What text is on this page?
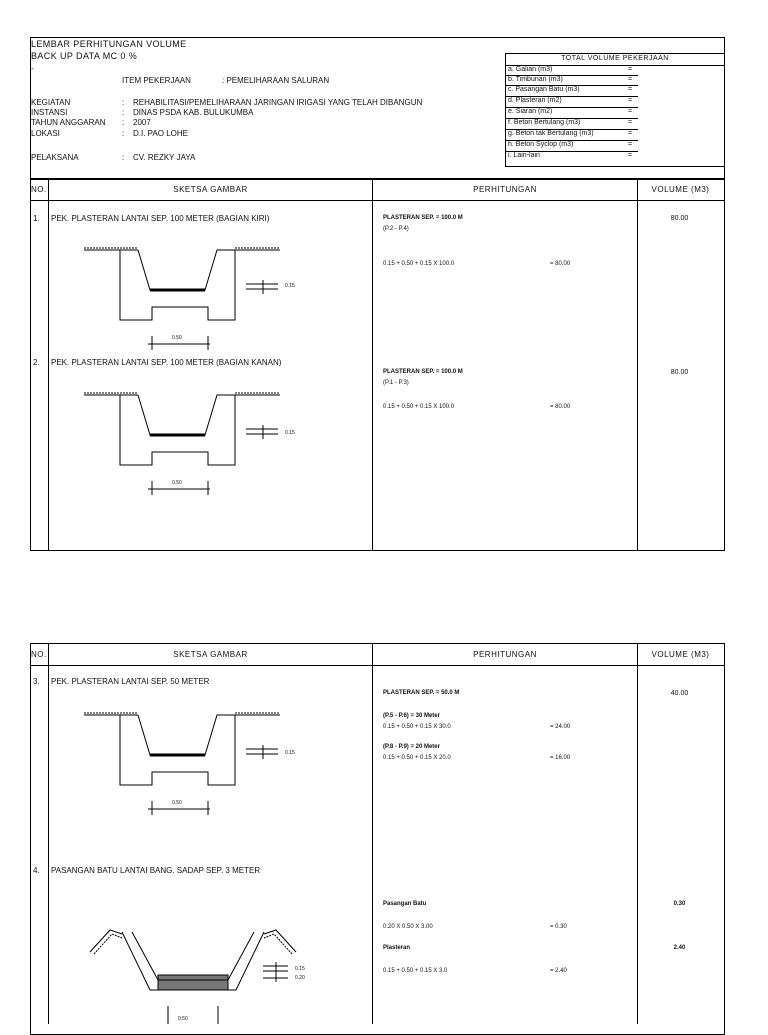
LEMBAR PERHITUNGAN VOLUME
BACK UP DATA MC 0 %
-
ITEM PEKERJAAN	: PEMELIHARAAN SALURAN
KEGIATAN	: REHABILITASI/PEMELIHARAAN JARINGAN IRIGASI YANG TELAH DIBANGUN
INSTANSI	: DINAS PSDA KAB. BULUKUMBA
TAHUN ANGGARAN : 2007
LOKASI	: D.I. PAO LOHE
PELAKSANA	: CV. REZKY JAYA
TOTAL VOLUME PEKERJAAN
a. Galian (m3)	=
b. Timbunan (m3)	=
c. Pasangan Batu (m3)	=
d. Plasteran (m2)	=
e. Siaran (m2)	=
f. Beton Bertulang (m3)	=
g. Beton tak Bertulang (m3)	=
h. Beton Syclop (m3)	=
i. Lain-lain	=
NO.	SKETSA GAMBAR	PERHITUNGAN	VOLUME (M3)
1. PEK. PLASTERAN LANTAI SEP. 100 METER (BAGIAN KIRI)
0.15
0.50
PLASTERAN SEP. = 100.0 M
(P.2 - P.4)
0.15 + 0.50 + 0.15 X 100.0	= 80.00
80.00
2. PEK. PLASTERAN LANTAI SEP. 100 METER (BAGIAN KANAN)
0.15
0.50
PLASTERAN SEP. = 100.0 M
(P.1 - P.3)
0.15 + 0.50 + 0.15 X 100.0	= 80.00
80.00
NO.	SKETSA GAMBAR	PERHITUNGAN	VOLUME (M3)
3. PEK. PLASTERAN LANTAI SEP. 50 METER
0.15
0.50
PLASTERAN SEP. = 50.0 M
(P.5 - P.6) = 30 Meter
0.15 + 0.50 + 0.15 X 30.0	= 24.00
(P.8 - P.9) = 20 Meter
0.15 + 0.50 + 0.15 X 20.0	= 16.00
40.00
4. PASANGAN BATU LANTAI BANG. SADAP SEP. 3 METER
0.15
0.20
0.50
Pasangan Batu
0.20 X 0.50 X 3.00	= 0.30
0.30
Plasteran
0.15 + 0.50 + 0.15 X 3.0	= 2.40
2.40
